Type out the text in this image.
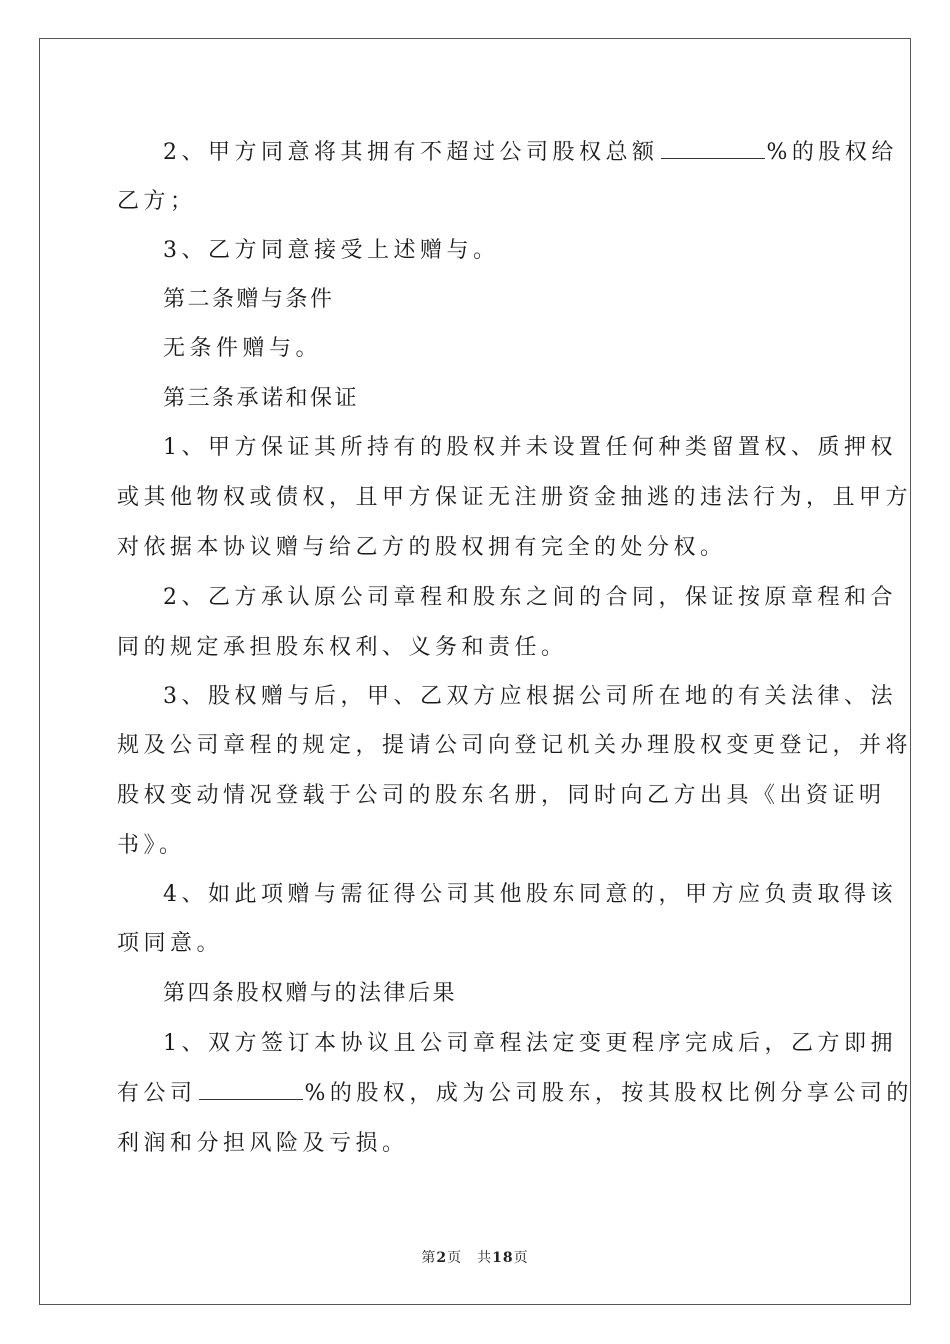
2、甲方同意将其拥有不超过公司股权总额	%的股权给
乙方；
3、乙方同意接受上述赠与。
第二条赠与条件
无条件赠与。
第三条承诺和保证
1、甲方保证其所持有的股权并未设置任何种类留置权、质押权
或其他物权或债权，且甲方保证无注册资金抽逃的违法行为，且甲方
对依据本协议赠与给乙方的股权拥有完全的处分权。
2、乙方承认原公司章程和股东之间的合同，保证按原章程和合
同的规定承担股东权利、义务和责任。
3、股权赠与后，甲、乙双方应根据公司所在地的有关法律、法
规及公司章程的规定，提请公司向登记机关办理股权变更登记，并将
股权变动情况登载于公司的股东名册，同时向乙方出具《出资证明
书》。
4、如此项赠与需征得公司其他股东同意的，甲方应负责取得该
项同意。
第四条股权赠与的法律后果
1、双方签订本协议且公司章程法定变更程序完成后，乙方即拥
有公司	%的股权，成为公司股东，按其股权比例分享公司的
利润和分担风险及亏损。
第2页　共18页
